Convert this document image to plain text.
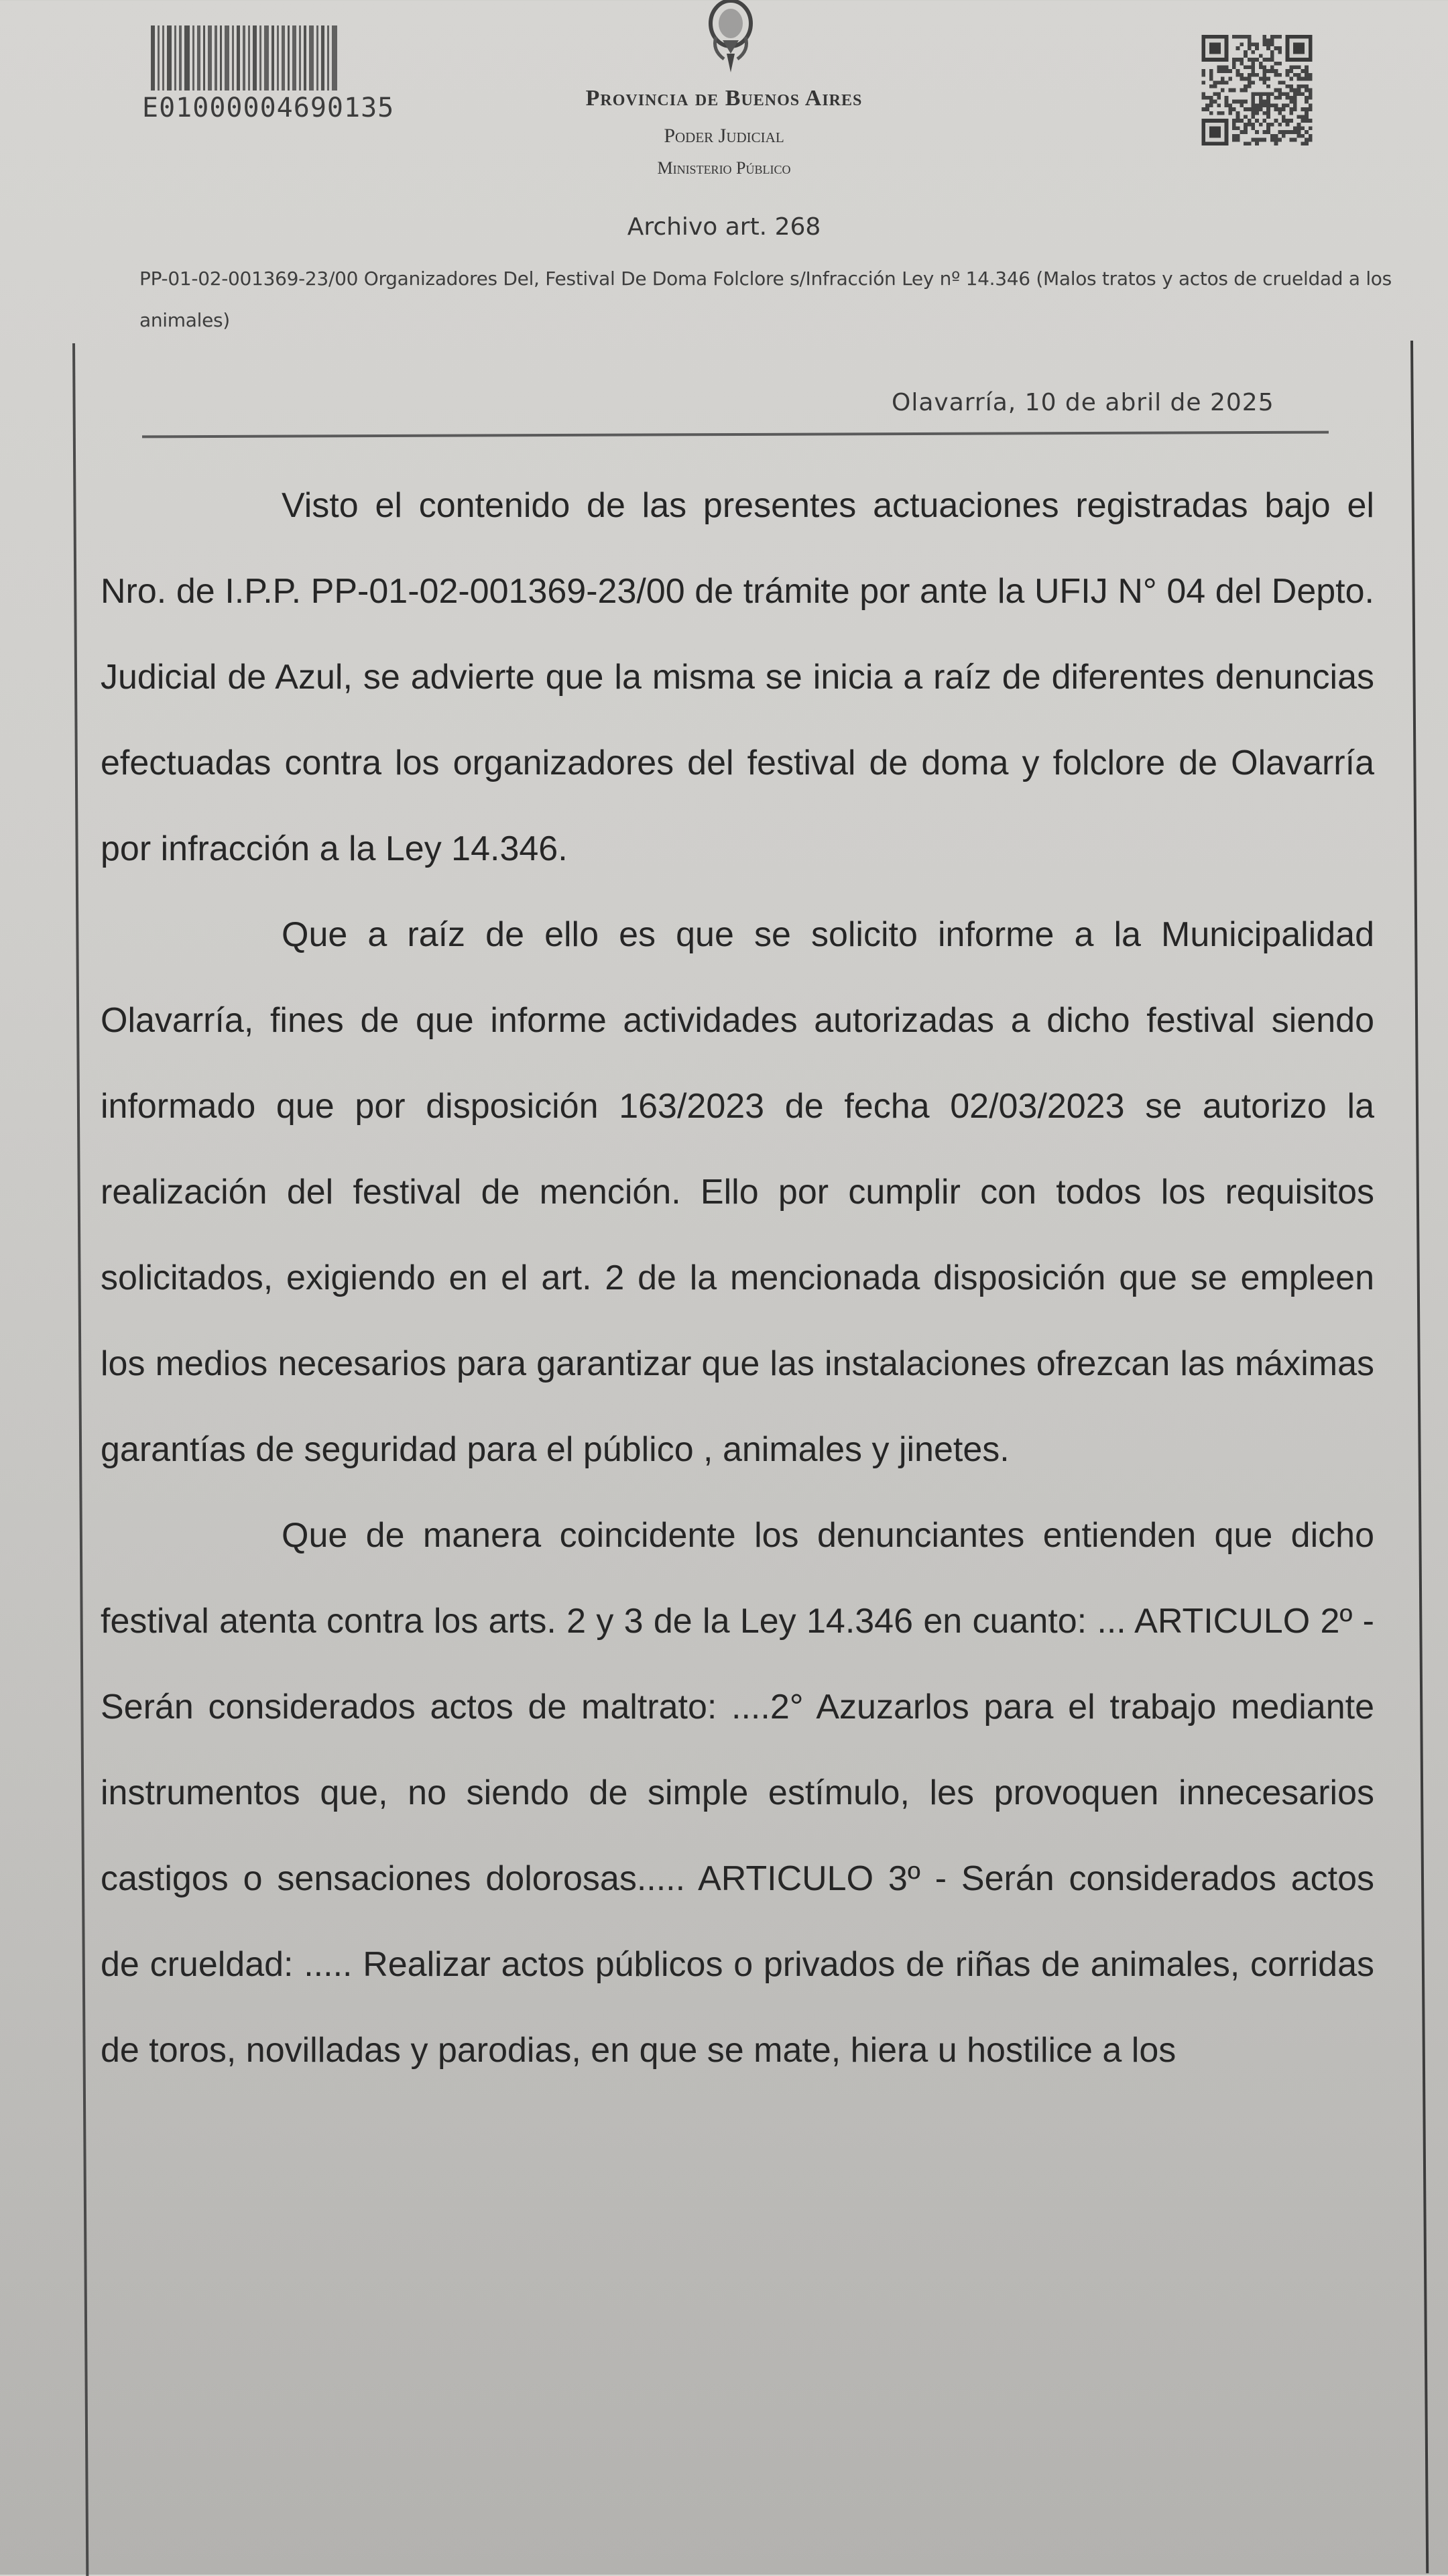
E01000004690135	Provincia de Buenos Aires
Poder Judicial
Ministerio Público
Archivo art. 268
PP-01-02-001369-23/00 Organizadores Del, Festival De Doma Folclore s/Infracción Ley nº 14.346 (Malos tratos y actos de crueldad a los animales)
Olavarría, 10 de abril de 2025

Visto el contenido de las presentes actuaciones registradas bajo el Nro. de I.P.P. PP-01-02-001369-23/00 de trámite por ante la UFIJ N° 04 del Depto. Judicial de Azul, se advierte que la misma se inicia a raíz de diferentes denuncias efectuadas contra los organizadores del festival de doma y folclore de Olavarría por infracción a la Ley 14.346.

Que a raíz de ello es que se solicito informe a la Municipalidad Olavarría, fines de que informe actividades autorizadas a dicho festival siendo informado que por disposición 163/2023 de fecha 02/03/2023 se autorizo la realización del festival de mención. Ello por cumplir con todos los requisitos solicitados, exigiendo en el art. 2 de la mencionada disposición que se empleen los medios necesarios para garantizar que las instalaciones ofrezcan las máximas garantías de seguridad para el público , animales y jinetes.

Que de manera coincidente los denunciantes entienden que dicho festival atenta contra los arts. 2 y 3 de la Ley 14.346 en cuanto: ... ARTICULO 2º - Serán considerados actos de maltrato: ....2° Azuzarlos para el trabajo mediante instrumentos que, no siendo de simple estímulo, les provoquen innecesarios castigos o sensaciones dolorosas..... ARTICULO 3º - Serán considerados actos de crueldad: ..... Realizar actos públicos o privados de riñas de animales, corridas de toros, novilladas y parodias, en que se mate, hiera u hostilice a los
